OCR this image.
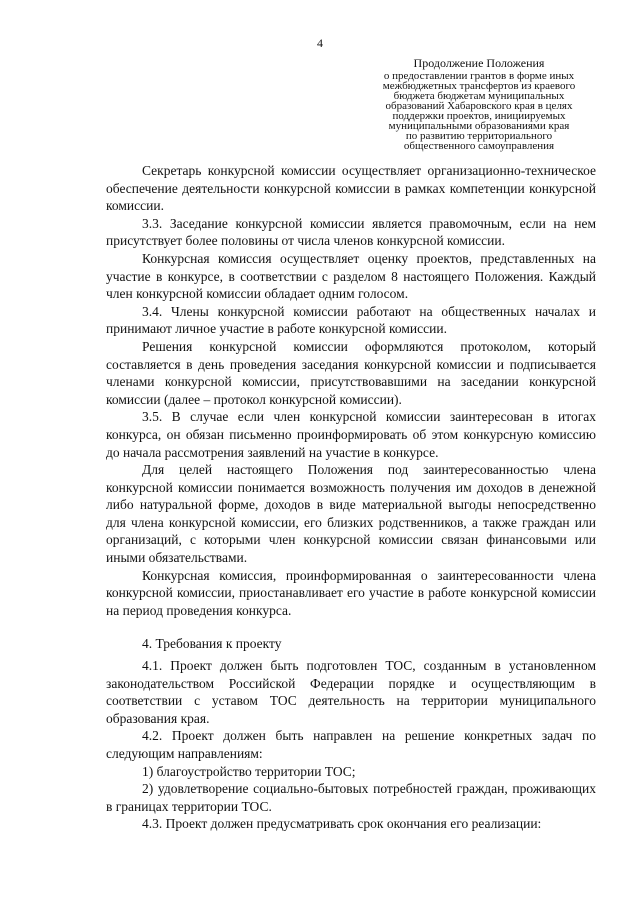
4
Продолжение Положения
о предоставлении грантов в форме иных
межбюджетных трансфертов из краевого
бюджета бюджетам муниципальных
образований Хабаровского края в целях
поддержки проектов, инициируемых
муниципальными образованиями края
по развитию территориального
общественного самоуправления

Секретарь конкурсной комиссии осуществляет организационно-техническое обеспечение деятельности конкурсной комиссии в рамках компетенции конкурсной комиссии.

3.3. Заседание конкурсной комиссии является правомочным, если на нем присутствует более половины от числа членов конкурсной комиссии.

Конкурсная комиссия осуществляет оценку проектов, представленных на участие в конкурсе, в соответствии с разделом 8 настоящего Положения. Каждый член конкурсной комиссии обладает одним голосом.

3.4. Члены конкурсной комиссии работают на общественных началах и принимают личное участие в работе конкурсной комиссии.

Решения конкурсной комиссии оформляются протоколом, который составляется в день проведения заседания конкурсной комиссии и подписывается членами конкурсной комиссии, присутствовавшими на заседании конкурсной комиссии (далее – протокол конкурсной комиссии).

3.5. В случае если член конкурсной комиссии заинтересован в итогах конкурса, он обязан письменно проинформировать об этом конкурсную комиссию до начала рассмотрения заявлений на участие в конкурсе.

Для целей настоящего Положения под заинтересованностью члена конкурсной комиссии понимается возможность получения им доходов в денежной либо натуральной форме, доходов в виде материальной выгоды непосредственно для члена конкурсной комиссии, его близких родственников, а также граждан или организаций, с которыми член конкурсной комиссии связан финансовыми или иными обязательствами.

Конкурсная комиссия, проинформированная о заинтересованности члена конкурсной комиссии, приостанавливает его участие в работе конкурсной комиссии на период проведения конкурса.

4. Требования к проекту

4.1. Проект должен быть подготовлен ТОС, созданным в установленном законодательством Российской Федерации порядке и осуществляющим в соответствии с уставом ТОС деятельность на территории муниципального образования края.

4.2. Проект должен быть направлен на решение конкретных задач по следующим направлениям:

1) благоустройство территории ТОС;

2) удовлетворение социально-бытовых потребностей граждан, проживающих в границах территории ТОС.

4.3. Проект должен предусматривать срок окончания его реализации:
